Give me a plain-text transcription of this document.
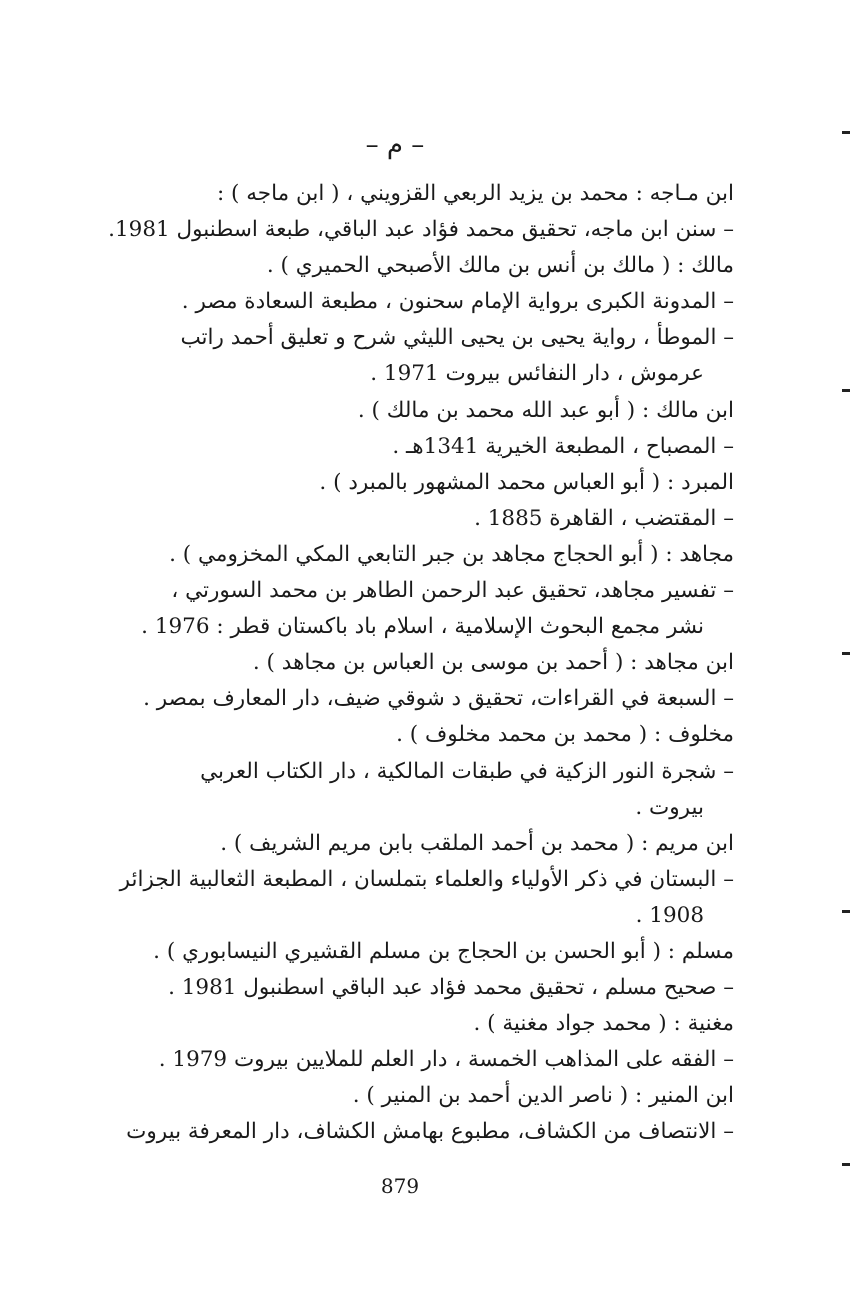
– م –
ابن مـاجه : محمد بن يزيد الربعي القزويني ، ( ابن ماجه ) :
– سنن ابن ماجه، تحقيق محمد فؤاد عبد الباقي، طبعة اسطنبول 1981.
مالك : ( مالك بن أنس بن مالك الأصبحي الحميري ) .
– المدونة الكبرى برواية الإمام سحنون ، مطبعة السعادة مصر .
– الموطأ ، رواية يحيى بن يحيى الليثي شرح و تعليق أحمد راتب
عرموش ، دار النفائس بيروت 1971 .
ابن مالك : ( أبو عبد الله محمد بن مالك ) .
– المصباح ، المطبعة الخيرية 1341هـ .
المبرد : ( أبو العباس محمد المشهور بالمبرد ) .
– المقتضب ، القاهرة 1885 .
مجاهد : ( أبو الحجاج مجاهد بن جبر التابعي المكي المخزومي ) .
– تفسير مجاهد، تحقيق عبد الرحمن الطاهر بن محمد السورتي ،
نشر مجمع البحوث الإسلامية ، اسلام باد باكستان قطر : 1976 .
ابن مجاهد : ( أحمد بن موسى بن العباس بن مجاهد ) .
– السبعة في القراءات، تحقيق د شوقي ضيف، دار المعارف بمصر .
مخلوف : ( محمد بن محمد مخلوف ) .
– شجرة النور الزكية في طبقات المالكية ، دار الكتاب العربي
بيروت .
ابن مريم : ( محمد بن أحمد الملقب بابن مريم الشريف ) .
– البستان في ذكر الأولياء والعلماء بتملسان ، المطبعة الثعالبية الجزائر
1908 .
مسلم : ( أبو الحسن بن الحجاج بن مسلم القشيري النيسابوري ) .
– صحيح مسلم ، تحقيق محمد فؤاد عبد الباقي اسطنبول 1981 .
مغنية : ( محمد جواد مغنية ) .
– الفقه على المذاهب الخمسة ، دار العلم للملايين بيروت 1979 .
ابن المنير : ( ناصر الدين أحمد بن المنير ) .
– الانتصاف من الكشاف، مطبوع بهامش الكشاف، دار المعرفة بيروت
879
